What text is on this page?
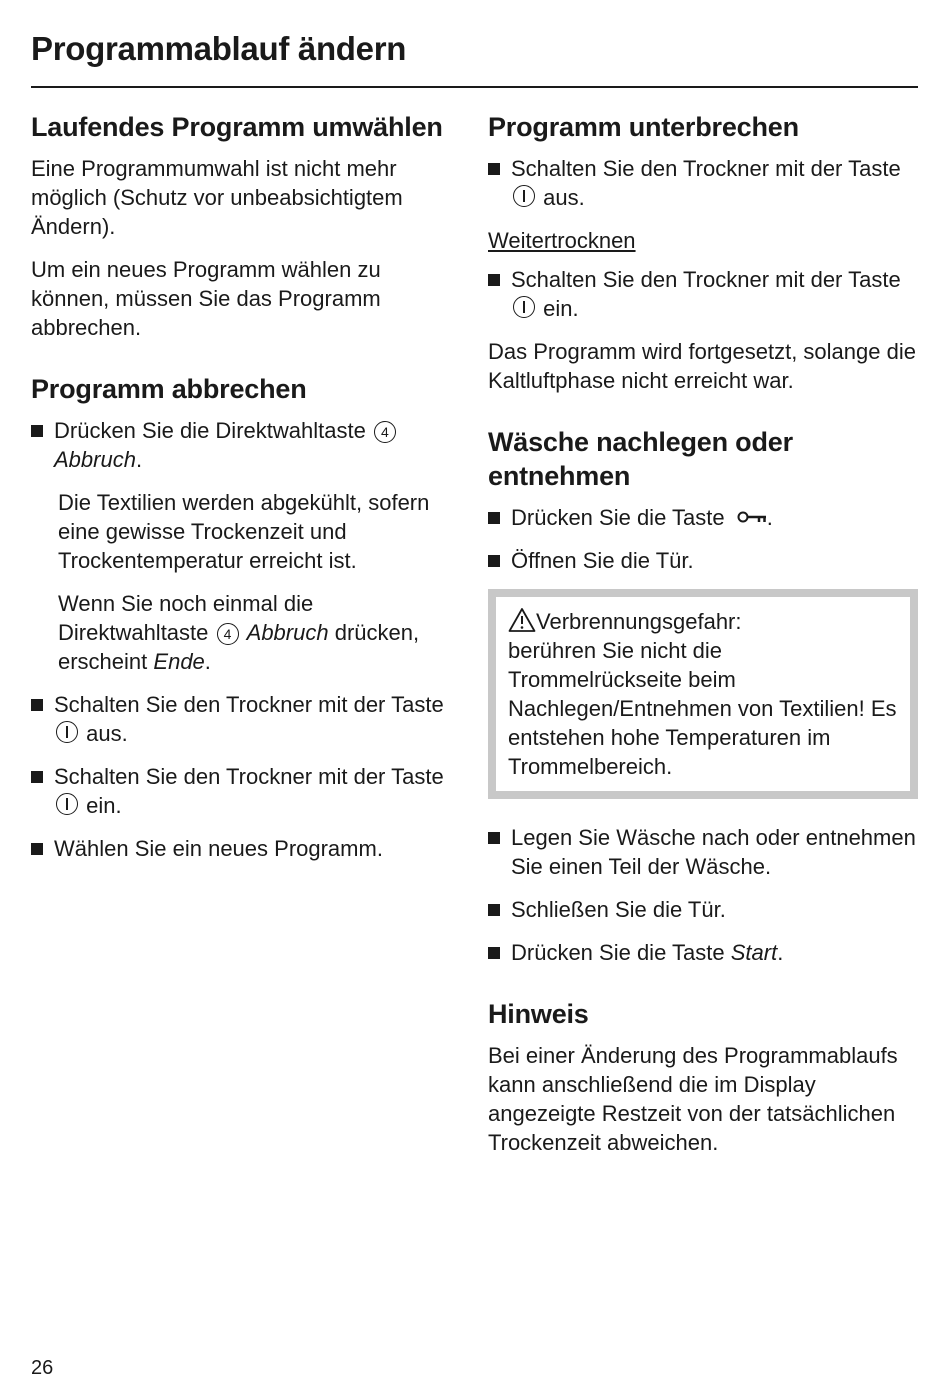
Programmablauf ändern
Laufendes Programm umwählen

Eine Programmumwahl ist nicht mehr möglich (Schutz vor unbeabsichtigtem Ändern).

Um ein neues Programm wählen zu können, müssen Sie das Programm abbrechen.

Programm abbrechen
Drücken Sie die Direktwahltaste 4 Abbruch.

Die Textilien werden abgekühlt, sofern eine gewisse Trockenzeit und Trockentemperatur erreicht ist.

Wenn Sie noch einmal die Direktwahltaste 4 Abbruch drücken, erscheint Ende.

Schalten Sie den Trockner mit der Taste  aus.
Schalten Sie den Trockner mit der Taste  ein.
Wählen Sie ein neues Programm.
Programm unterbrechen
Schalten Sie den Trockner mit der Taste  aus.
Weitertrocknen
Schalten Sie den Trockner mit der Taste  ein.

Das Programm wird fortgesetzt, solange die Kaltluftphase nicht erreicht war.

Wäsche nachlegen oder entnehmen
Drücken Sie die Taste .
Öffnen Sie die Tür.
Verbrennungsgefahr:
berühren Sie nicht die Trommelrückseite beim Nachlegen/Entnehmen von Textilien! Es entstehen hohe Temperaturen im Trommelbereich.
Legen Sie Wäsche nach oder entnehmen Sie einen Teil der Wäsche.
Schließen Sie die Tür.
Drücken Sie die Taste Start.
Hinweis

Bei einer Änderung des Programmablaufs kann anschließend die im Display angezeigte Restzeit von der tatsächlichen Trockenzeit abweichen.

26
